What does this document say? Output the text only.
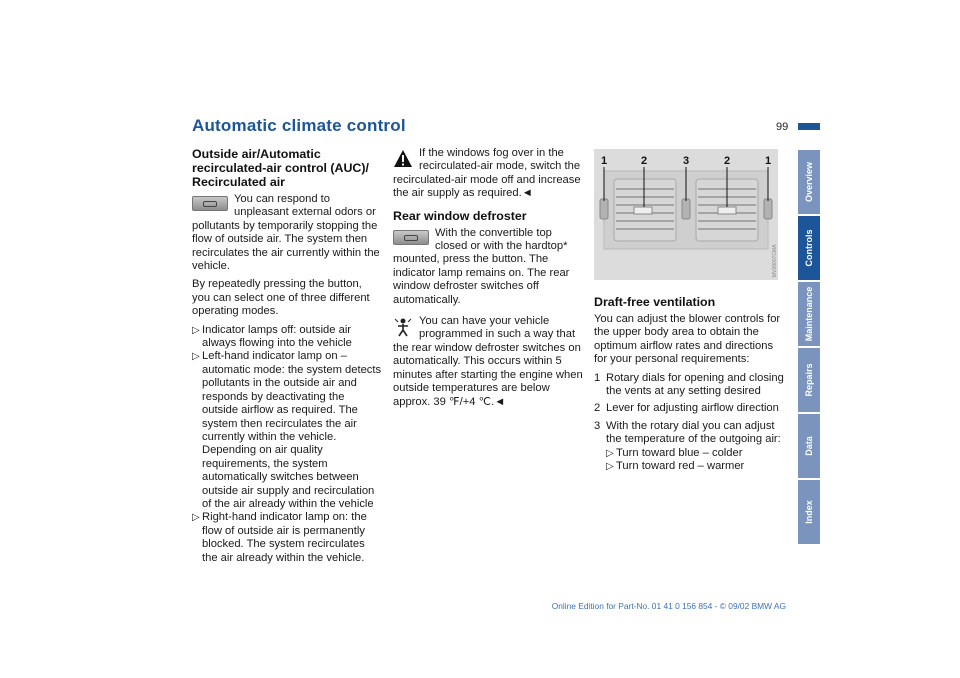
Automatic climate control	99
Outside air/Automatic recirculated-air control (AUC)/ Recirculated air

You can respond to unpleasant external odors or pollutants by temporarily stopping the flow of outside air. The system then recirculates the air currently within the vehicle.

By repeatedly pressing the button, you can select one of three different operating modes.

▷ Indicator lamps off: outside air always flowing into the vehicle
▷ Left-hand indicator lamp on – automatic mode: the system detects pollutants in the outside air and responds by deactivating the outside airflow as required. The system then recirculates the air currently within the vehicle.
Depending on air quality requirements, the system automatically switches between outside air supply and recirculation of the air already within the vehicle
▷ Right-hand indicator lamp on: the flow of outside air is permanently blocked. The system recirculates the air already within the vehicle.

If the windows fog over in the recirculated-air mode, switch the recirculated-air mode off and increase the air supply as required.◄

Rear window defroster

With the convertible top closed or with the hardtop* mounted, press the button. The indicator lamp remains on. The rear window defroster switches off automatically.

You can have your vehicle programmed in such a way that the rear window defroster switches on automatically. This occurs within 5 minutes after starting the engine when outside temperatures are below approx. 39 ℉/+4 ℃.◄

1	2	3	2	1
MV09007CMA
Draft-free ventilation

You can adjust the blower controls for the upper body area to obtain the optimum airflow rates and directions for your personal requirements:

1 Rotary dials for opening and closing the vents at any setting desired
2 Lever for adjusting airflow direction
3 With the rotary dial you can adjust the temperature of the outgoing air:
▷ Turn toward blue – colder
▷ Turn toward red – warmer
Overview
Controls
Maintenance
Repairs
Data
Index
Online Edition for Part-No. 01 41 0 156 854 - © 09/02 BMW AG
